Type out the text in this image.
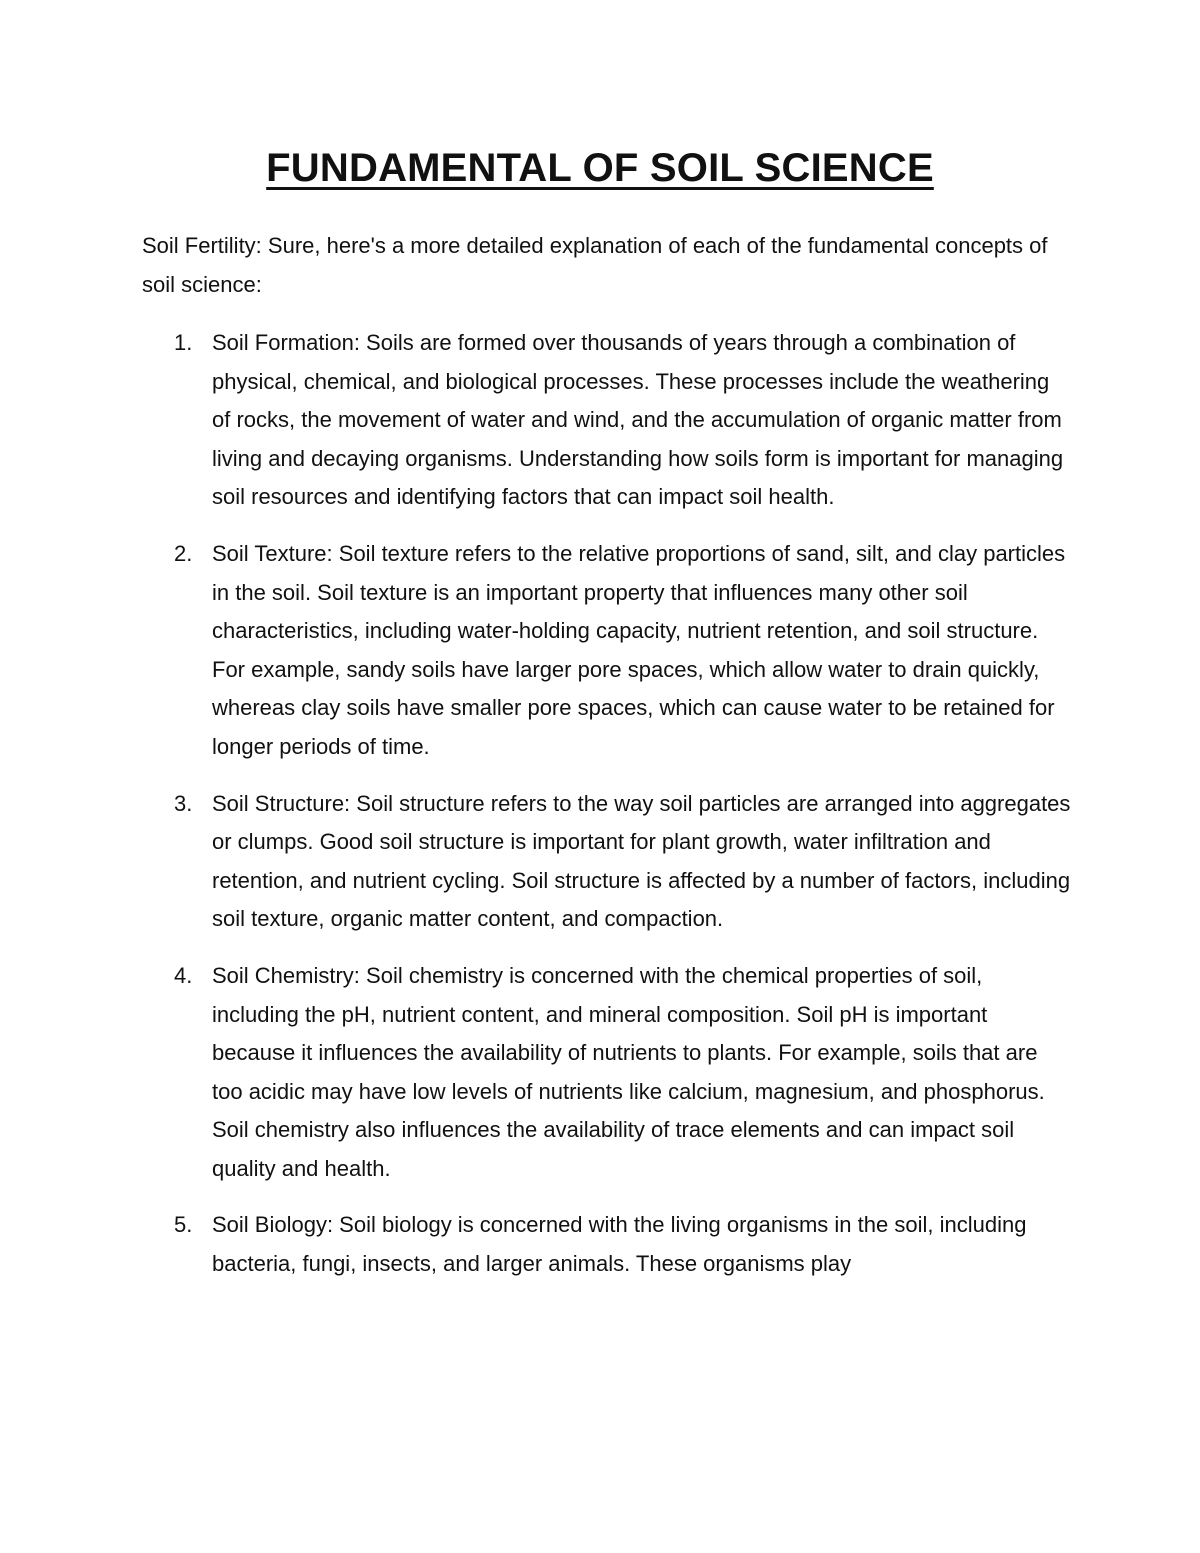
FUNDAMENTAL OF SOIL SCIENCE

Soil Fertility: Sure, here's a more detailed explanation of each of the fundamental concepts of soil science:

1. Soil Formation: Soils are formed over thousands of years through a combination of physical, chemical, and biological processes. These processes include the weathering of rocks, the movement of water and wind, and the accumulation of organic matter from living and decaying organisms. Understanding how soils form is important for managing soil resources and identifying factors that can impact soil health.
2. Soil Texture: Soil texture refers to the relative proportions of sand, silt, and clay particles in the soil. Soil texture is an important property that influences many other soil characteristics, including water-holding capacity, nutrient retention, and soil structure. For example, sandy soils have larger pore spaces, which allow water to drain quickly, whereas clay soils have smaller pore spaces, which can cause water to be retained for longer periods of time.
3. Soil Structure: Soil structure refers to the way soil particles are arranged into aggregates or clumps. Good soil structure is important for plant growth, water infiltration and retention, and nutrient cycling. Soil structure is affected by a number of factors, including soil texture, organic matter content, and compaction.
4. Soil Chemistry: Soil chemistry is concerned with the chemical properties of soil, including the pH, nutrient content, and mineral composition. Soil pH is important because it influences the availability of nutrients to plants. For example, soils that are too acidic may have low levels of nutrients like calcium, magnesium, and phosphorus. Soil chemistry also influences the availability of trace elements and can impact soil quality and health.
5. Soil Biology: Soil biology is concerned with the living organisms in the soil, including bacteria, fungi, insects, and larger animals. These organisms play
